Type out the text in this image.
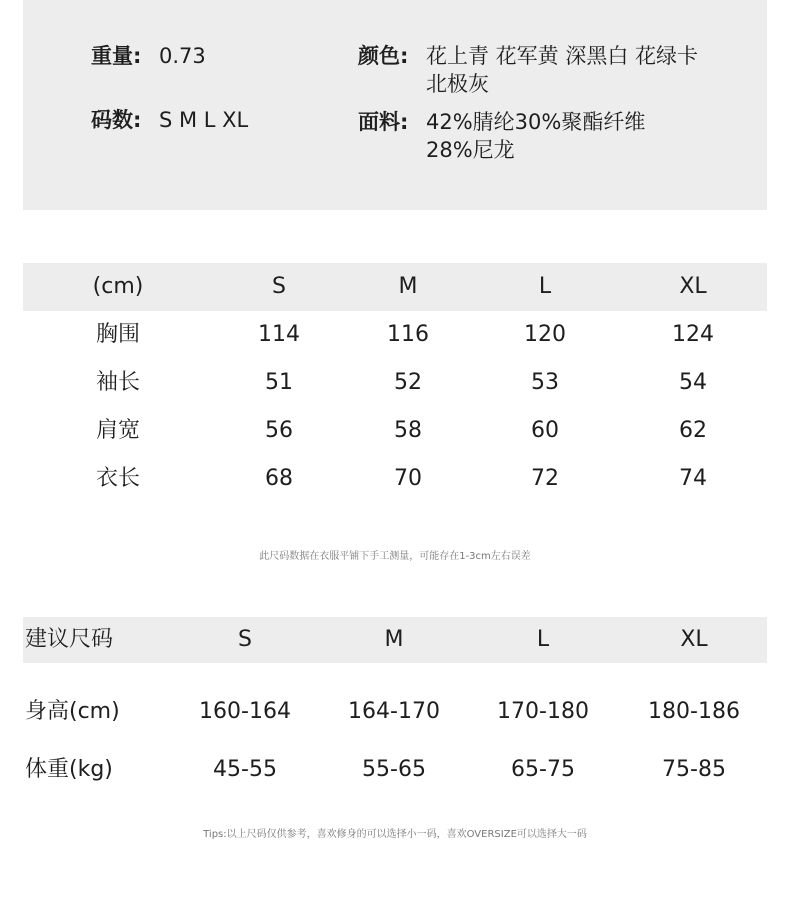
重量: 0.73
码数: S M L XL
颜色: 花上青 花军黄 深黑白 花绿卡 北极灰
面料: 42%腈纶30%聚酯纤维28%尼龙
(cm)	S	M	L	XL
胸围	114	116	120	124
袖长	51	52	53	54
肩宽	56	58	60	62
衣长	68	70	72	74
此尺码数据在衣服平铺下手工测量，可能存在1-3cm左右误差
建议尺码	S	M	L	XL
身高(cm)	160-164	164-170	170-180	180-186
体重(kg)	45-55	55-65	65-75	75-85
Tips:以上尺码仅供参考，喜欢修身的可以选择小一码，喜欢OVERSIZE可以选择大一码
